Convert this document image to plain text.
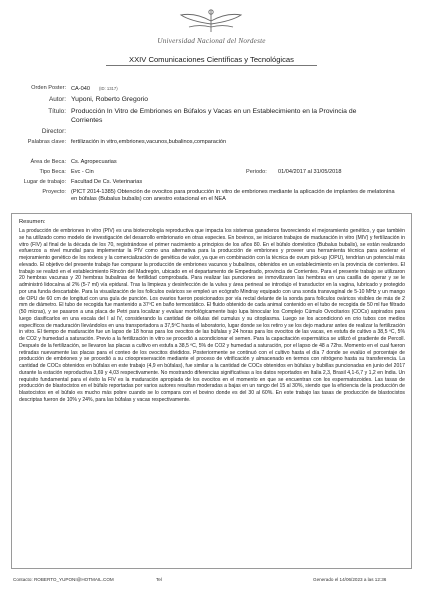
Universidad Nacional del Nordeste
XXIV Comunicaciones Científicas y Tecnológicas
Orden Poster: CA-040 (ID: 1317)
Autor: Yuponi, Roberto Gregorio
Título: Producción In Vitro de Embriones en Búfalos y Vacas en un Establecimiento en la Provincia de Corrientes
Director:
Palabras clave: fertilización in vitro,embriones,vacunos,bubalinos,comparación
Área de Beca: Cs. Agropecuarias
Tipo Beca: Evc - Cin	Periodo: 01/04/2017 al 31/05/2018
Lugar de trabajo: Facultad De Cs. Veterinarias
Proyecto: (PICT 2014-1385) Obtención de ovocitos para producción in vitro de embriones mediante la aplicación de implantes de melatonina en búfalas (Bubalus bubalis) con anestro estacional en el NEA
Resumen:
La producción de embriones in vitro (PIV) es una biotecnología reproductiva que impacta los sistemas ganaderos favoreciendo el mejoramiento genético, y que también se ha utilizado como modelo de investigación del desarrollo embrionario en otras especies. En bovinos, se iniciaron trabajos de maduración in vitro (MIV) y fertilización in vitro (FIV) al final de la década de los 70, registrándose el primer nacimiento a principios de los años 80. En el búfalo doméstico (Bubalus bubalis), se están realizando esfuerzos a nivel mundial para implementar la PIV como una alternativa para la producción de embriones y proveer una herramienta técnica para acelerar el mejoramiento genético de los rodeos y la comercialización de genética de valor, ya que en combinación con la técnica de ovum pick-up (OPU), tendrían un potencial más elevado. El objetivo del presente trabajo fue comparar la producción de embriones vacunos y bubalinos, obtenidos en un establecimiento en la provincia de corrientes. El trabajo se realizó en el establecimiento Rincón del Madregón, ubicado en el departamento de Empedrado, provincia de Corrientes. Para el presente trabajo se utilizaron 20 hembras vacunas y 20 hembras bubalinas de fertilidad comprobada. Para realizar las punciones se inmovilizaron las hembras en una casilla de operar y se le administró lidocaína al 2% (5-7 ml) vía epidural. Tras la limpieza y desinfección de la vulva y área perineal se introdujo el transductor en la vagina, lubricado y protegido por una funda descartable. Para la visualización de los folículos ováricos se empleó un ecógrafo Mindray equipado con una sonda transvaginal de 5-10 MHz y un mango de OPU de 60 cm de longitud con una guía de punción. Los ovarios fueron posicionados por vía rectal delante de la sonda para folículos ováricos visibles de más de 2 mm de diámetro. El tubo de recogida fue mantenido a 37ºC en baño termostático. El fluido obtenido de cada animal contenido en el tubo de recogida de 50 ml fue filtrado (50 micras), y se pasaron a una placa de Petri para localizar y evaluar morfológicamente bajo lupa binocular los Complejo Cúmulo Ovocitarios (COCs) aspirados para luego clasificarlos en una escala del I al IV, considerando la cantidad de células del cumulus y su citoplasma. Luego se los acondicionó en crio tubos con medios específicos de maduración llevándolos en una transportadora a 37,5ºC hasta el laboratorio, lugar donde se los retiro y se los dejo madurar antes de realizar la fertilización in vitro. El tiempo de maduración fue un lapso de 18 horas para los ovocitos de las búfalas y 24 horas para los ovocitos de las vacas, en estufa de cultivo a 38,5 ºC, 5% de CO2 y humedad a saturación. Previo a la fertilización in vitro se procedió a acondicionar el semen. Para la capacitación espermática se utilizó el gradiente de Percoll. Después de la fertilización, se llevaron las placas a cultivo en estufa a 38,5 ºC, 5% de CO2 y humedad a saturación, por el lapso de 48 a 72hs. Momento en el cual fueron retiradas nuevamente las placas para el conteo de los ovocitos divididos. Posteriormente se continuó con el cultivo hasta el día 7 donde se evalúo el porcentaje de producción de embriones y se procedió a su crioopreservación mediante el proceso de vitrificación y almacenado en termos con nitrógeno hasta su transferencia. La cantidad de COCs obtenidos en búfalas en este trabajo (4,9 en búfalas), fue similar a la cantidad de COCs obtenidos en búfalas y bubillas puncionadas en junio del 2017 durante la estación reproductiva 3,69 y 4,03 respectivamente. No mostrando diferencias significativas a los datos reportados en Italia 2,3, Brasil 4,1-6,7 y 1,2 en India. Un requisito fundamental para el éxito la FIV es la maduración apropiada de los ovocitos en el momento en que se encuentran con los espermatozoides. Las tasas de producción de blastocistos en el búfalo reportadas por varios autores resultan moderadas a bajas en un rango del 15 al 30%, siendo que la eficiencia de la producción de blastocistos en el búfalo es mucho más pobre cuando se lo compara con el bovino donde es del 30 al 60%. En este trabajo las tasas de producción de blastocistos descriptas fueron de 10% y 24%, para las búfalas y vacas respectivamente.
Contacto: ROBERTO_YUPONI@HOTMAIL.COM	Tel	Generado el 14/06/2023 a las 12:36
